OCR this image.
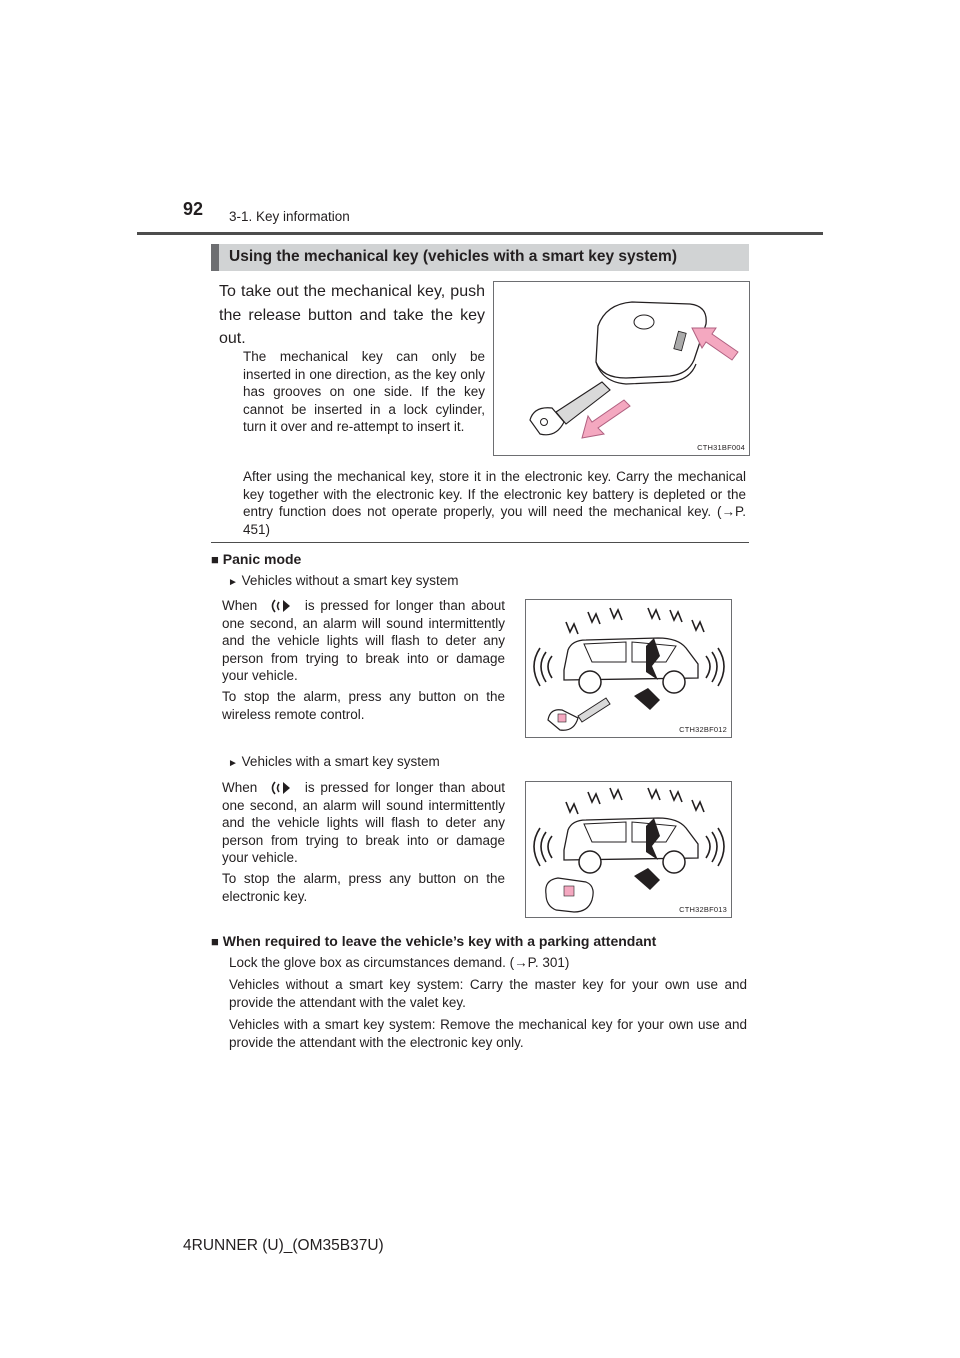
92 3-1. Key information
Using the mechanical key (vehicles with a smart key system)
To take out the mechanical key, push the release button and take the key out.
The mechanical key can only be inserted in one direction, as the key only has grooves on one side. If the key cannot be inserted in a lock cylinder, turn it over and re-attempt to insert it.
CTH31BF004
After using the mechanical key, store it in the electronic key. Carry the mechanical key together with the electronic key. If the electronic key battery is depleted or the entry function does not operate properly, you will need the mechanical key. (→P. 451)
■ Panic mode
► Vehicles without a smart key system
When	is pressed for longer than about one second, an alarm will sound intermittently and the vehicle lights will flash to deter any person from trying to break into or damage your vehicle.
To stop the alarm, press any button on the wireless remote control.
CTH32BF012
► Vehicles with a smart key system
When	is pressed for longer than about one second, an alarm will sound intermittently and the vehicle lights will flash to deter any person from trying to break into or damage your vehicle.
To stop the alarm, press any button on the electronic key.
CTH32BF013
■ When required to leave the vehicle’s key with a parking attendant
Lock the glove box as circumstances demand. (→P. 301)
Vehicles without a smart key system: Carry the master key for your own use and provide the attendant with the valet key.
Vehicles with a smart key system: Remove the mechanical key for your own use and provide the attendant with the electronic key only.
4RUNNER (U)_(OM35B37U)
